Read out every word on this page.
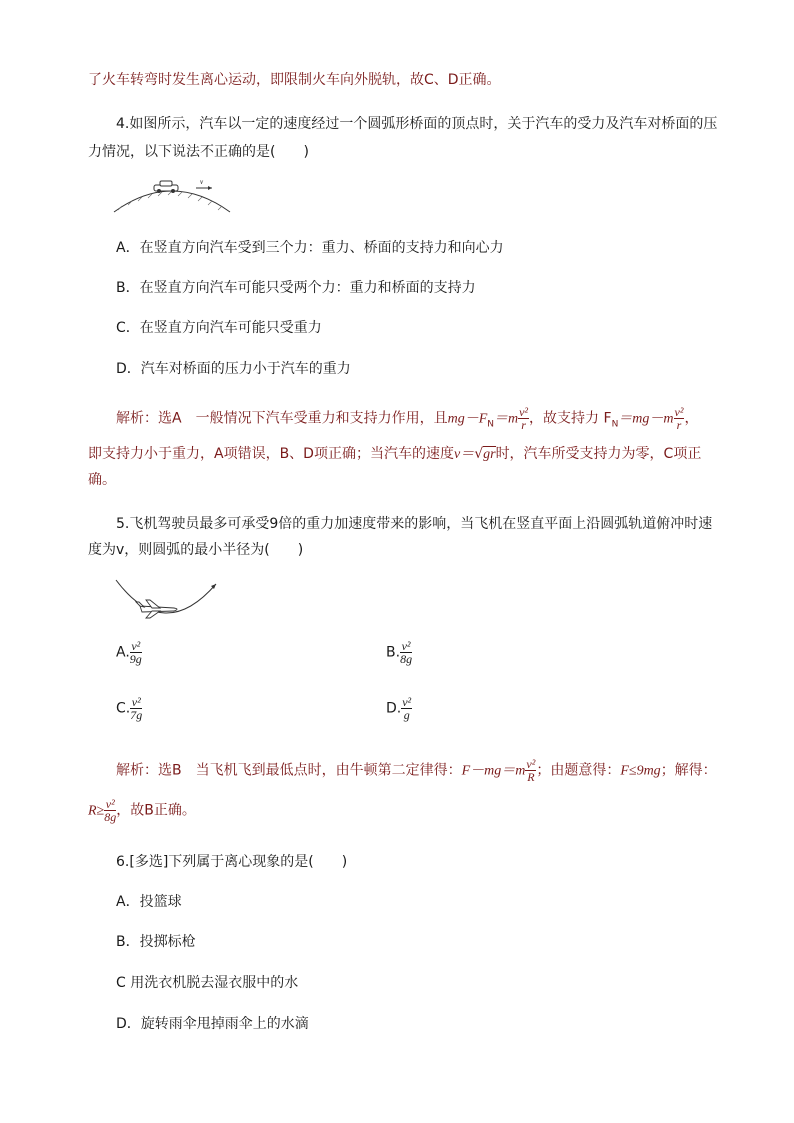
了火车转弯时发生离心运动，即限制火车向外脱轨，故C、D正确。
4.如图所示，汽车以一定的速度经过一个圆弧形桥面的顶点时，关于汽车的受力及汽车对桥面的压
力情况，以下说法不正确的是(　　)
v
A．在竖直方向汽车受到三个力：重力、桥面的支持力和向心力
B．在竖直方向汽车可能只受两个力：重力和桥面的支持力
C．在竖直方向汽车可能只受重力
D．汽车对桥面的压力小于汽车的重力
解析：选A　一般情况下汽车受重力和支持力作用，且$mg-F_N=m \frac{\text{v²}}{r}$ ，故支持力 $F_N=mg-m \frac{\text{v²}}{r}$ ，
即支持力小于重力，A项错误，B、D项正确；当汽车的速度v＝√gr时，汽车所受支持力为零，C项正
确。
5.飞机驾驶员最多可承受9倍的重力加速度带来的影响，当飞机在竖直平面上沿圆弧轨道俯冲时速
度为v，则圆弧的最小半径为(　　)
A. $\frac{\text{v²}}{9g}$	B. $\frac{\text{v²}}{8g}$
C. $\frac{\text{v²}}{7g}$	D. $\frac{\text{v²}}{g}$
解析：选B　当飞机飞到最低点时，由牛顿第二定律得：$F-mg=m \frac{\text{v²}}{R}$ ；由题意得：F≤9mg；解得：
$R\ge \frac{\text{v²}}{8g}$ ，故B正确。
6.[多选]下列属于离心现象的是(　　)
A．投篮球
B．投掷标枪
C 用洗衣机脱去湿衣服中的水
D．旋转雨伞甩掉雨伞上的水滴
